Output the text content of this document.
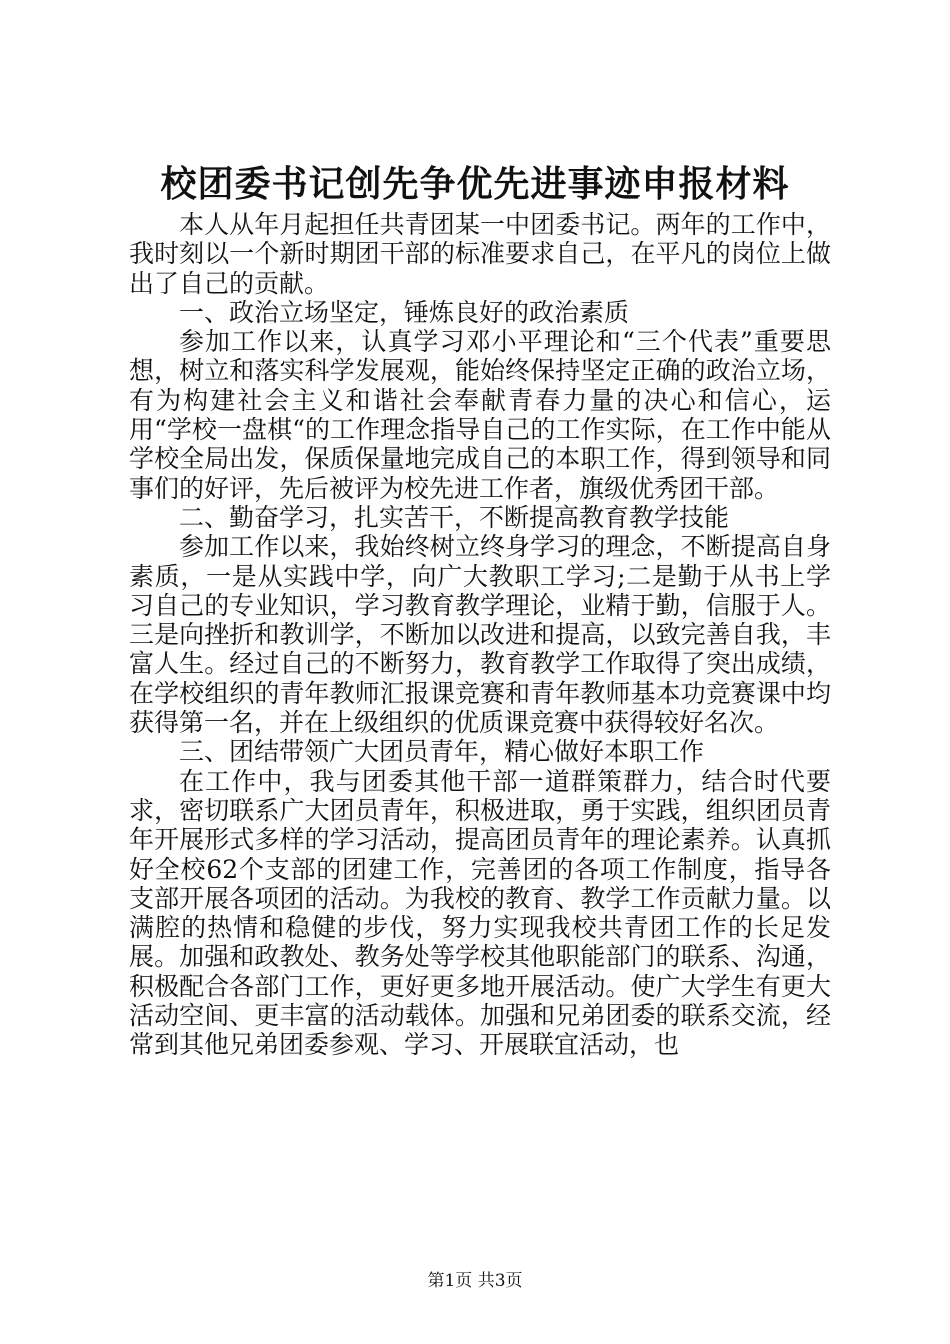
校团委书记创先争优先进事迹申报材料

本人从年月起担任共青团某一中团委书记。两年的工作中，我时刻以一个新时期团干部的标准要求自己，在平凡的岗位上做出了自己的贡献。

一、政治立场坚定，锤炼良好的政治素质

参加工作以来，认真学习邓小平理论和“三个代表”重要思想，树立和落实科学发展观，能始终保持坚定正确的政治立场，有为构建社会主义和谐社会奉献青春力量的决心和信心，运用“学校一盘棋“的工作理念指导自己的工作实际，在工作中能从学校全局出发，保质保量地完成自己的本职工作，得到领导和同事们的好评，先后被评为校先进工作者，旗级优秀团干部。

二、勤奋学习，扎实苦干，不断提高教育教学技能

参加工作以来，我始终树立终身学习的理念，不断提高自身素质，一是从实践中学，向广大教职工学习;二是勤于从书上学习自己的专业知识，学习教育教学理论，业精于勤，信服于人。三是向挫折和教训学，不断加以改进和提高，以致完善自我，丰富人生。经过自己的不断努力，教育教学工作取得了突出成绩，在学校组织的青年教师汇报课竞赛和青年教师基本功竞赛课中均获得第一名，并在上级组织的优质课竞赛中获得较好名次。

三、团结带领广大团员青年，精心做好本职工作

在工作中，我与团委其他干部一道群策群力，结合时代要求，密切联系广大团员青年，积极进取，勇于实践，组织团员青年开展形式多样的学习活动，提高团员青年的理论素养。认真抓好全校62个支部的团建工作，完善团的各项工作制度，指导各支部开展各项团的活动。为我校的教育、教学工作贡献力量。以满腔的热情和稳健的步伐，努力实现我校共青团工作的长足发展。加强和政教处、教务处等学校其他职能部门的联系、沟通，积极配合各部门工作，更好更多地开展活动。使广大学生有更大活动空间、更丰富的活动载体。加强和兄弟团委的联系交流，经常到其他兄弟团委参观、学习、开展联宜活动，也

第1页 共3页
